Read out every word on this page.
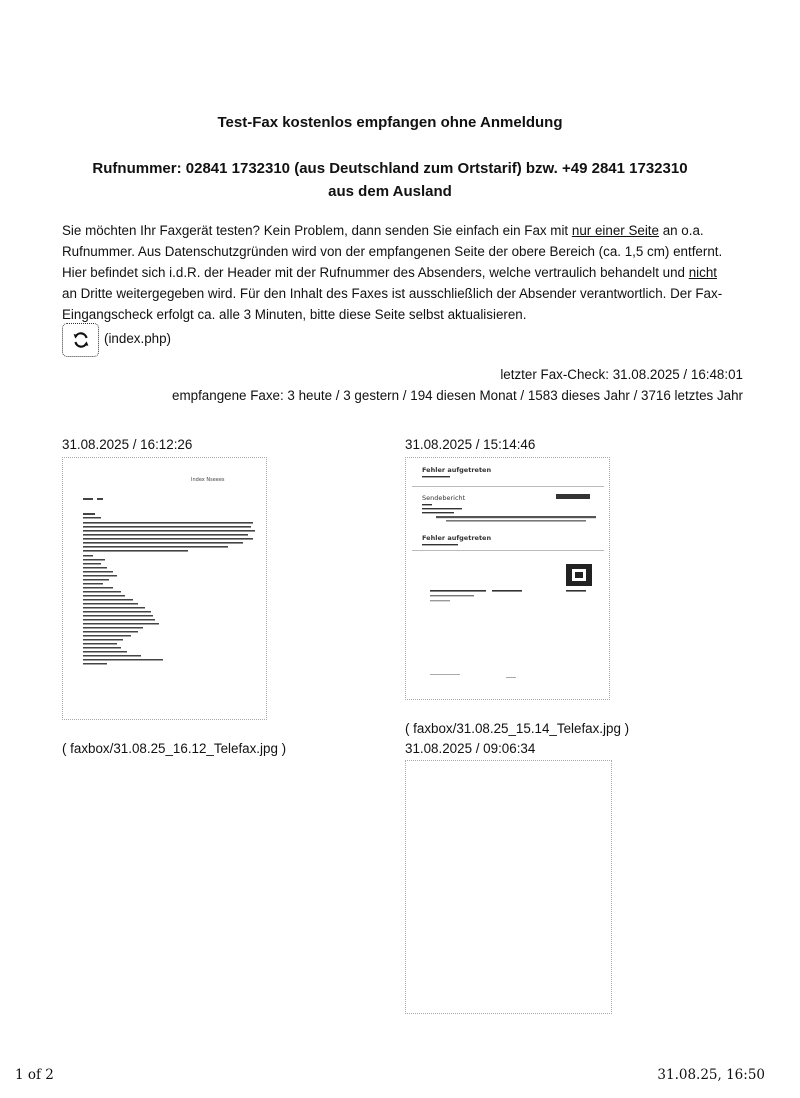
Test-Fax kostenlos empfangen ohne Anmeldung
Rufnummer: 02841 1732310 (aus Deutschland zum Ortstarif) bzw. +49 2841 1732310
aus dem Ausland
Sie möchten Ihr Faxgerät testen? Kein Problem, dann senden Sie einfach ein Fax mit nur einer Seite an o.a. Rufnummer. Aus Datenschutzgründen wird von der empfangenen Seite der obere Bereich (ca. 1,5 cm) entfernt. Hier befindet sich i.d.R. der Header mit der Rufnummer des Absenders, welche vertraulich behandelt und nicht an Dritte weitergegeben wird. Für den Inhalt des Faxes ist ausschließlich der Absender verantwortlich. Der Fax-Eingangscheck erfolgt ca. alle 3 Minuten, bitte diese Seite selbst aktualisieren.
(index.php)
letzter Fax-Check: 31.08.2025 / 16:48:01
empfangene Faxe: 3 heute / 3 gestern / 194 diesen Monat / 1583 dieses Jahr / 3716 letztes Jahr
31.08.2025 / 16:12:26
Index Nseees
( faxbox/31.08.25_16.12_Telefax.jpg )
31.08.2025 / 15:14:46
Fehler aufgetreten
Sendebericht
Fehler aufgetreten
( faxbox/31.08.25_15.14_Telefax.jpg )
31.08.2025 / 09:06:34
1 of 2	31.08.25, 16:50
